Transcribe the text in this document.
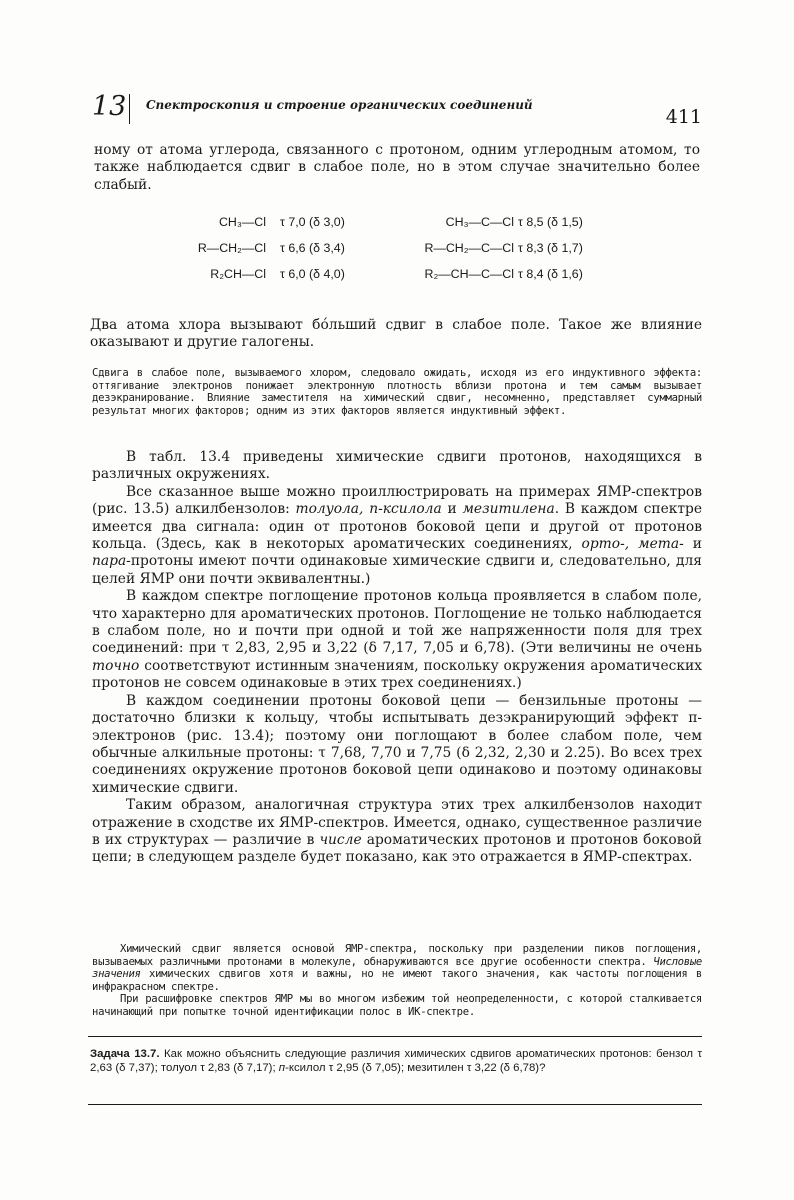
13 Спектроскопия и строение органических соединений
411
ному от атома углерода, связанного с протоном, одним углеродным атомом, то также наблюдается сдвиг в слабое поле, но в этом случае значительно более слабый.
CH₃—Cl τ 7,0 (δ 3,0)	CH₃—C—Cl τ 8,5 (δ 1,5)
R—CH₂—Cl τ 6,6 (δ 3,4)	R—CH₂—C—Cl τ 8,3 (δ 1,7)
R₂CH—Cl τ 6,0 (δ 4,0)	R₂—CH—C—Cl τ 8,4 (δ 1,6)
Два атома хлора вызывают бóльший сдвиг в слабое поле. Такое же влияние оказывают и другие галогены.
Сдвига в слабое поле, вызываемого хлором, следовало ожидать, исходя из его индуктивного эффекта: оттягивание электронов понижает электронную плотность вблизи протона и тем самым вызывает дезэкранирование. Влияние заместителя на химический сдвиг, несомненно, представляет суммарный результат многих факторов; одним из этих факторов является индуктивный эффект.

В табл. 13.4 приведены химические сдвиги протонов, находящихся в различных окружениях.

Все сказанное выше можно проиллюстрировать на примерах ЯМР-спектров (рис. 13.5) алкилбензолов: толуола, п-ксилола и мезитилена. В каждом спектре имеется два сигнала: один от протонов боковой цепи и другой от протонов кольца. (Здесь, как в некоторых ароматических соединениях, орто-, мета- и пара-протоны имеют почти одинаковые химические сдвиги и, следовательно, для целей ЯМР они почти эквивалентны.)

В каждом спектре поглощение протонов кольца проявляется в слабом поле, что характерно для ароматических протонов. Поглощение не только наблюдается в слабом поле, но и почти при одной и той же напряженности поля для трех соединений: при τ 2,83, 2,95 и 3,22 (δ 7,17, 7,05 и 6,78). (Эти величины не очень точно соответствуют истинным значениям, поскольку окружения ароматических протонов не совсем одинаковые в этих трех соединениях.)

В каждом соединении протоны боковой цепи — бензильные протоны — достаточно близки к кольцу, чтобы испытывать дезэкранирующий эффект π-электронов (рис. 13.4); поэтому они поглощают в более слабом поле, чем обычные алкильные протоны: τ 7,68, 7,70 и 7,75 (δ 2,32, 2,30 и 2.25). Во всех трех соединениях окружение протонов боковой цепи одинаково и поэтому одинаковы химические сдвиги.

Таким образом, аналогичная структура этих трех алкилбензолов находит отражение в сходстве их ЯМР-спектров. Имеется, однако, существенное различие в их структурах — различие в числе ароматических протонов и протонов боковой цепи; в следующем разделе будет показано, как это отражается в ЯМР-спектрах.

Химический сдвиг является основой ЯМР-спектра, поскольку при разделении пиков поглощения, вызываемых различными протонами в молекуле, обнаруживаются все другие особенности спектра. Числовые значения химических сдвигов хотя и важны, но не имеют такого значения, как частоты поглощения в инфракрасном спектре.

При расшифровке спектров ЯМР мы во многом избежим той неопределенности, с которой сталкивается начинающий при попытке точной идентификации полос в ИК-спектре.

Задача 13.7. Как можно объяснить следующие различия химических сдвигов ароматических протонов: бензол τ 2,63 (δ 7,37); толуол τ 2,83 (δ 7,17); п-ксилол τ 2,95 (δ 7,05); мезитилен τ 3,22 (δ 6,78)?
